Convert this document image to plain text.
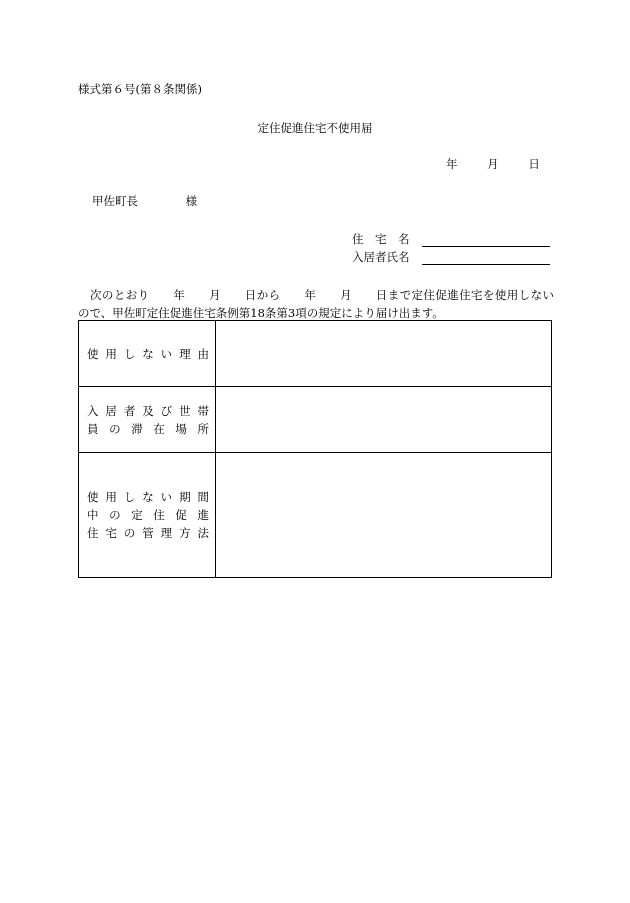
様式第６号(第８条関係)
定住促進住宅不使用届
年	月	日
甲佐町長	様
住　宅　名
入居者氏名
次のとおり　　年　　月　　日から　　年　　月　　日まで定住促進住宅を使用しない
ので、甲佐町定住促進住宅条例第18条第3項の規定により届け出ます。
使用しない理由	

入居者及び世帯
員の滞在場所	

使用しない期間
中の定住促進
住宅の管理方法	
